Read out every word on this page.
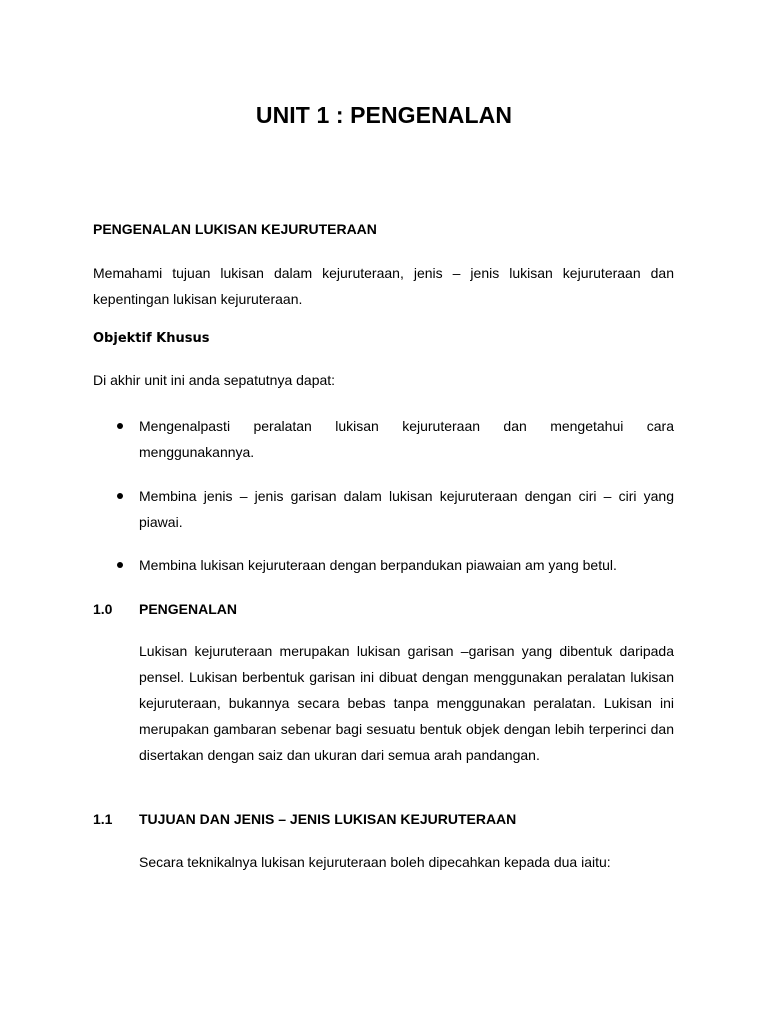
UNIT 1 : PENGENALAN
PENGENALAN LUKISAN KEJURUTERAAN
Memahami tujuan lukisan dalam kejuruteraan, jenis – jenis lukisan kejuruteraan dan kepentingan lukisan kejuruteraan.
Objektif Khusus
Di akhir unit ini anda sepatutnya dapat:
Mengenalpasti peralatan lukisan kejuruteraan dan mengetahui cara menggunakannya.
Membina jenis – jenis garisan dalam lukisan kejuruteraan dengan ciri – ciri yang piawai.
Membina lukisan kejuruteraan dengan berpandukan piawaian am yang betul.
1.0 PENGENALAN
Lukisan kejuruteraan merupakan lukisan garisan –garisan yang dibentuk daripada pensel. Lukisan berbentuk garisan ini dibuat dengan menggunakan peralatan lukisan kejuruteraan, bukannya secara bebas tanpa menggunakan peralatan. Lukisan ini merupakan gambaran sebenar bagi sesuatu bentuk objek dengan lebih terperinci dan disertakan dengan saiz dan ukuran dari semua arah pandangan.
1.1 TUJUAN DAN JENIS – JENIS LUKISAN KEJURUTERAAN
Secara teknikalnya lukisan kejuruteraan boleh dipecahkan kepada dua iaitu:
